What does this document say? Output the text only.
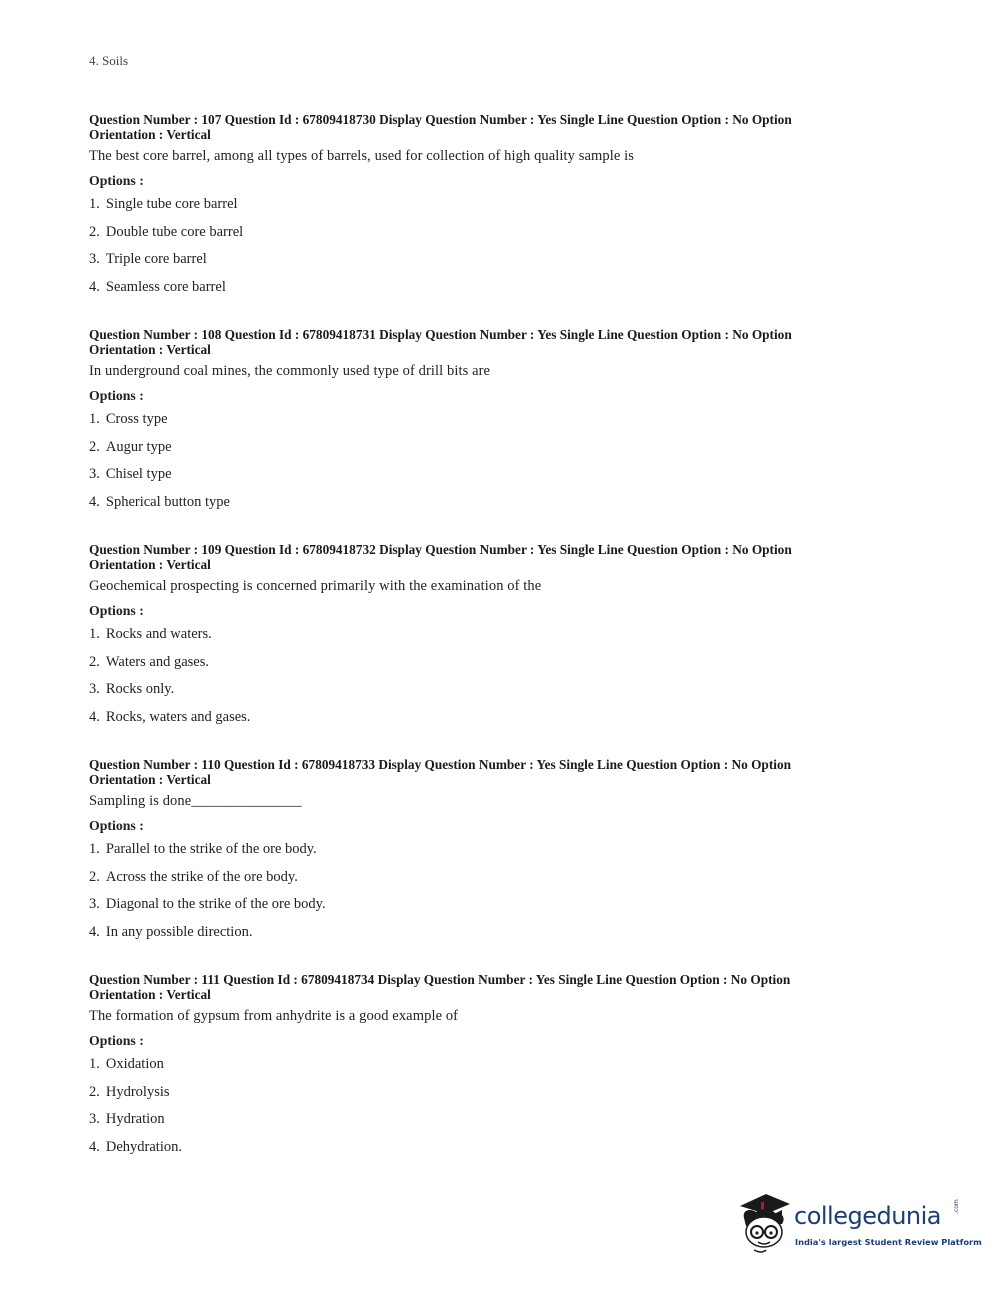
4. Soils

Question Number : 107 Question Id : 67809418730 Display Question Number : Yes Single Line Question Option : No Option

Orientation : Vertical

The best core barrel, among all types of barrels, used for collection of high quality sample is

Options :

1. Single tube core barrel
2. Double tube core barrel
3. Triple core barrel
4. Seamless core barrel

Question Number : 108 Question Id : 67809418731 Display Question Number : Yes Single Line Question Option : No Option

Orientation : Vertical

In underground coal mines, the commonly used type of drill bits are

Options :

1. Cross type
2. Augur type
3. Chisel type
4. Spherical button type

Question Number : 109 Question Id : 67809418732 Display Question Number : Yes Single Line Question Option : No Option

Orientation : Vertical

Geochemical prospecting is concerned primarily with the examination of the

Options :

1. Rocks and waters.
2. Waters and gases.
3. Rocks only.
4. Rocks, waters and gases.

Question Number : 110 Question Id : 67809418733 Display Question Number : Yes Single Line Question Option : No Option

Orientation : Vertical

Sampling is done_______________

Options :

1. Parallel to the strike of the ore body.
2. Across the strike of the ore body.
3. Diagonal to the strike of the ore body.
4. In any possible direction.

Question Number : 111 Question Id : 67809418734 Display Question Number : Yes Single Line Question Option : No Option

Orientation : Vertical

The formation of gypsum from anhydrite is a good example of

Options :

1. Oxidation
2. Hydrolysis
3. Hydration
4. Dehydration.
collegedunia .com
India's largest Student Review Platform
